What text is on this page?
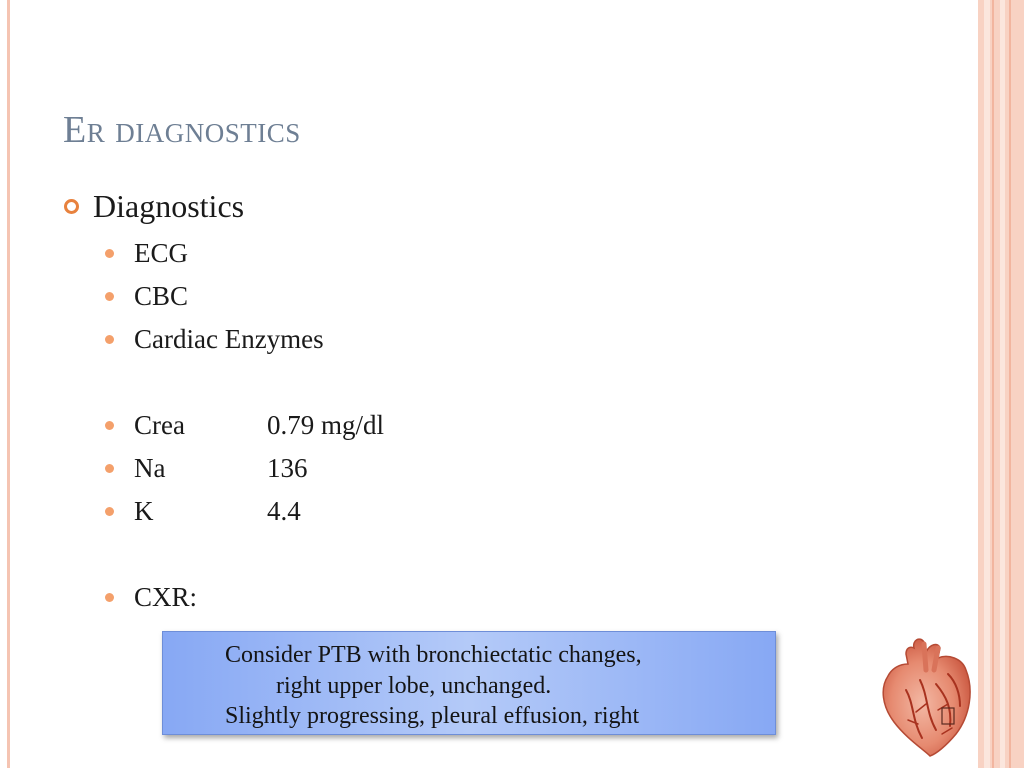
Er diagnostics
Diagnostics
ECG
CBC
Cardiac Enzymes
Crea	0.79 mg/dl
Na	136
K	4.4
CXR:
Consider PTB with bronchiectatic changes,
right upper lobe, unchanged.
Slightly progressing, pleural effusion, right
